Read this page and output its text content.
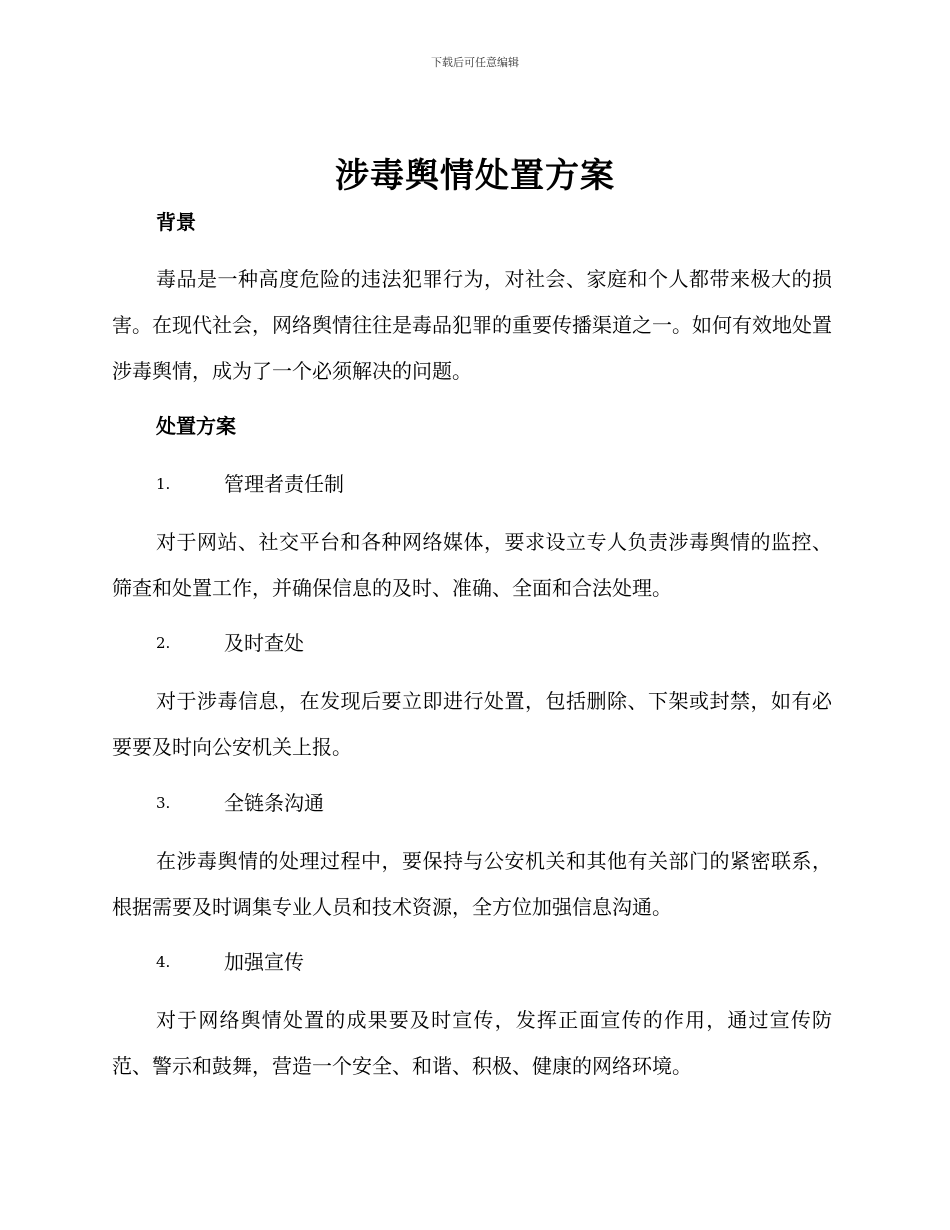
下载后可任意编辑
涉毒舆情处置方案
背景

毒品是一种高度危险的违法犯罪行为，对社会、家庭和个人都带来极大的损害。在现代社会，网络舆情往往是毒品犯罪的重要传播渠道之一。如何有效地处置涉毒舆情，成为了一个必须解决的问题。

处置方案
1.	管理者责任制

对于网站、社交平台和各种网络媒体，要求设立专人负责涉毒舆情的监控、筛查和处置工作，并确保信息的及时、准确、全面和合法处理。

2.	及时查处

对于涉毒信息，在发现后要立即进行处置，包括删除、下架或封禁，如有必要要及时向公安机关上报。

3.	全链条沟通

在涉毒舆情的处理过程中，要保持与公安机关和其他有关部门的紧密联系，根据需要及时调集专业人员和技术资源，全方位加强信息沟通。

4.	加强宣传

对于网络舆情处置的成果要及时宣传，发挥正面宣传的作用，通过宣传防范、警示和鼓舞，营造一个安全、和谐、积极、健康的网络环境。
